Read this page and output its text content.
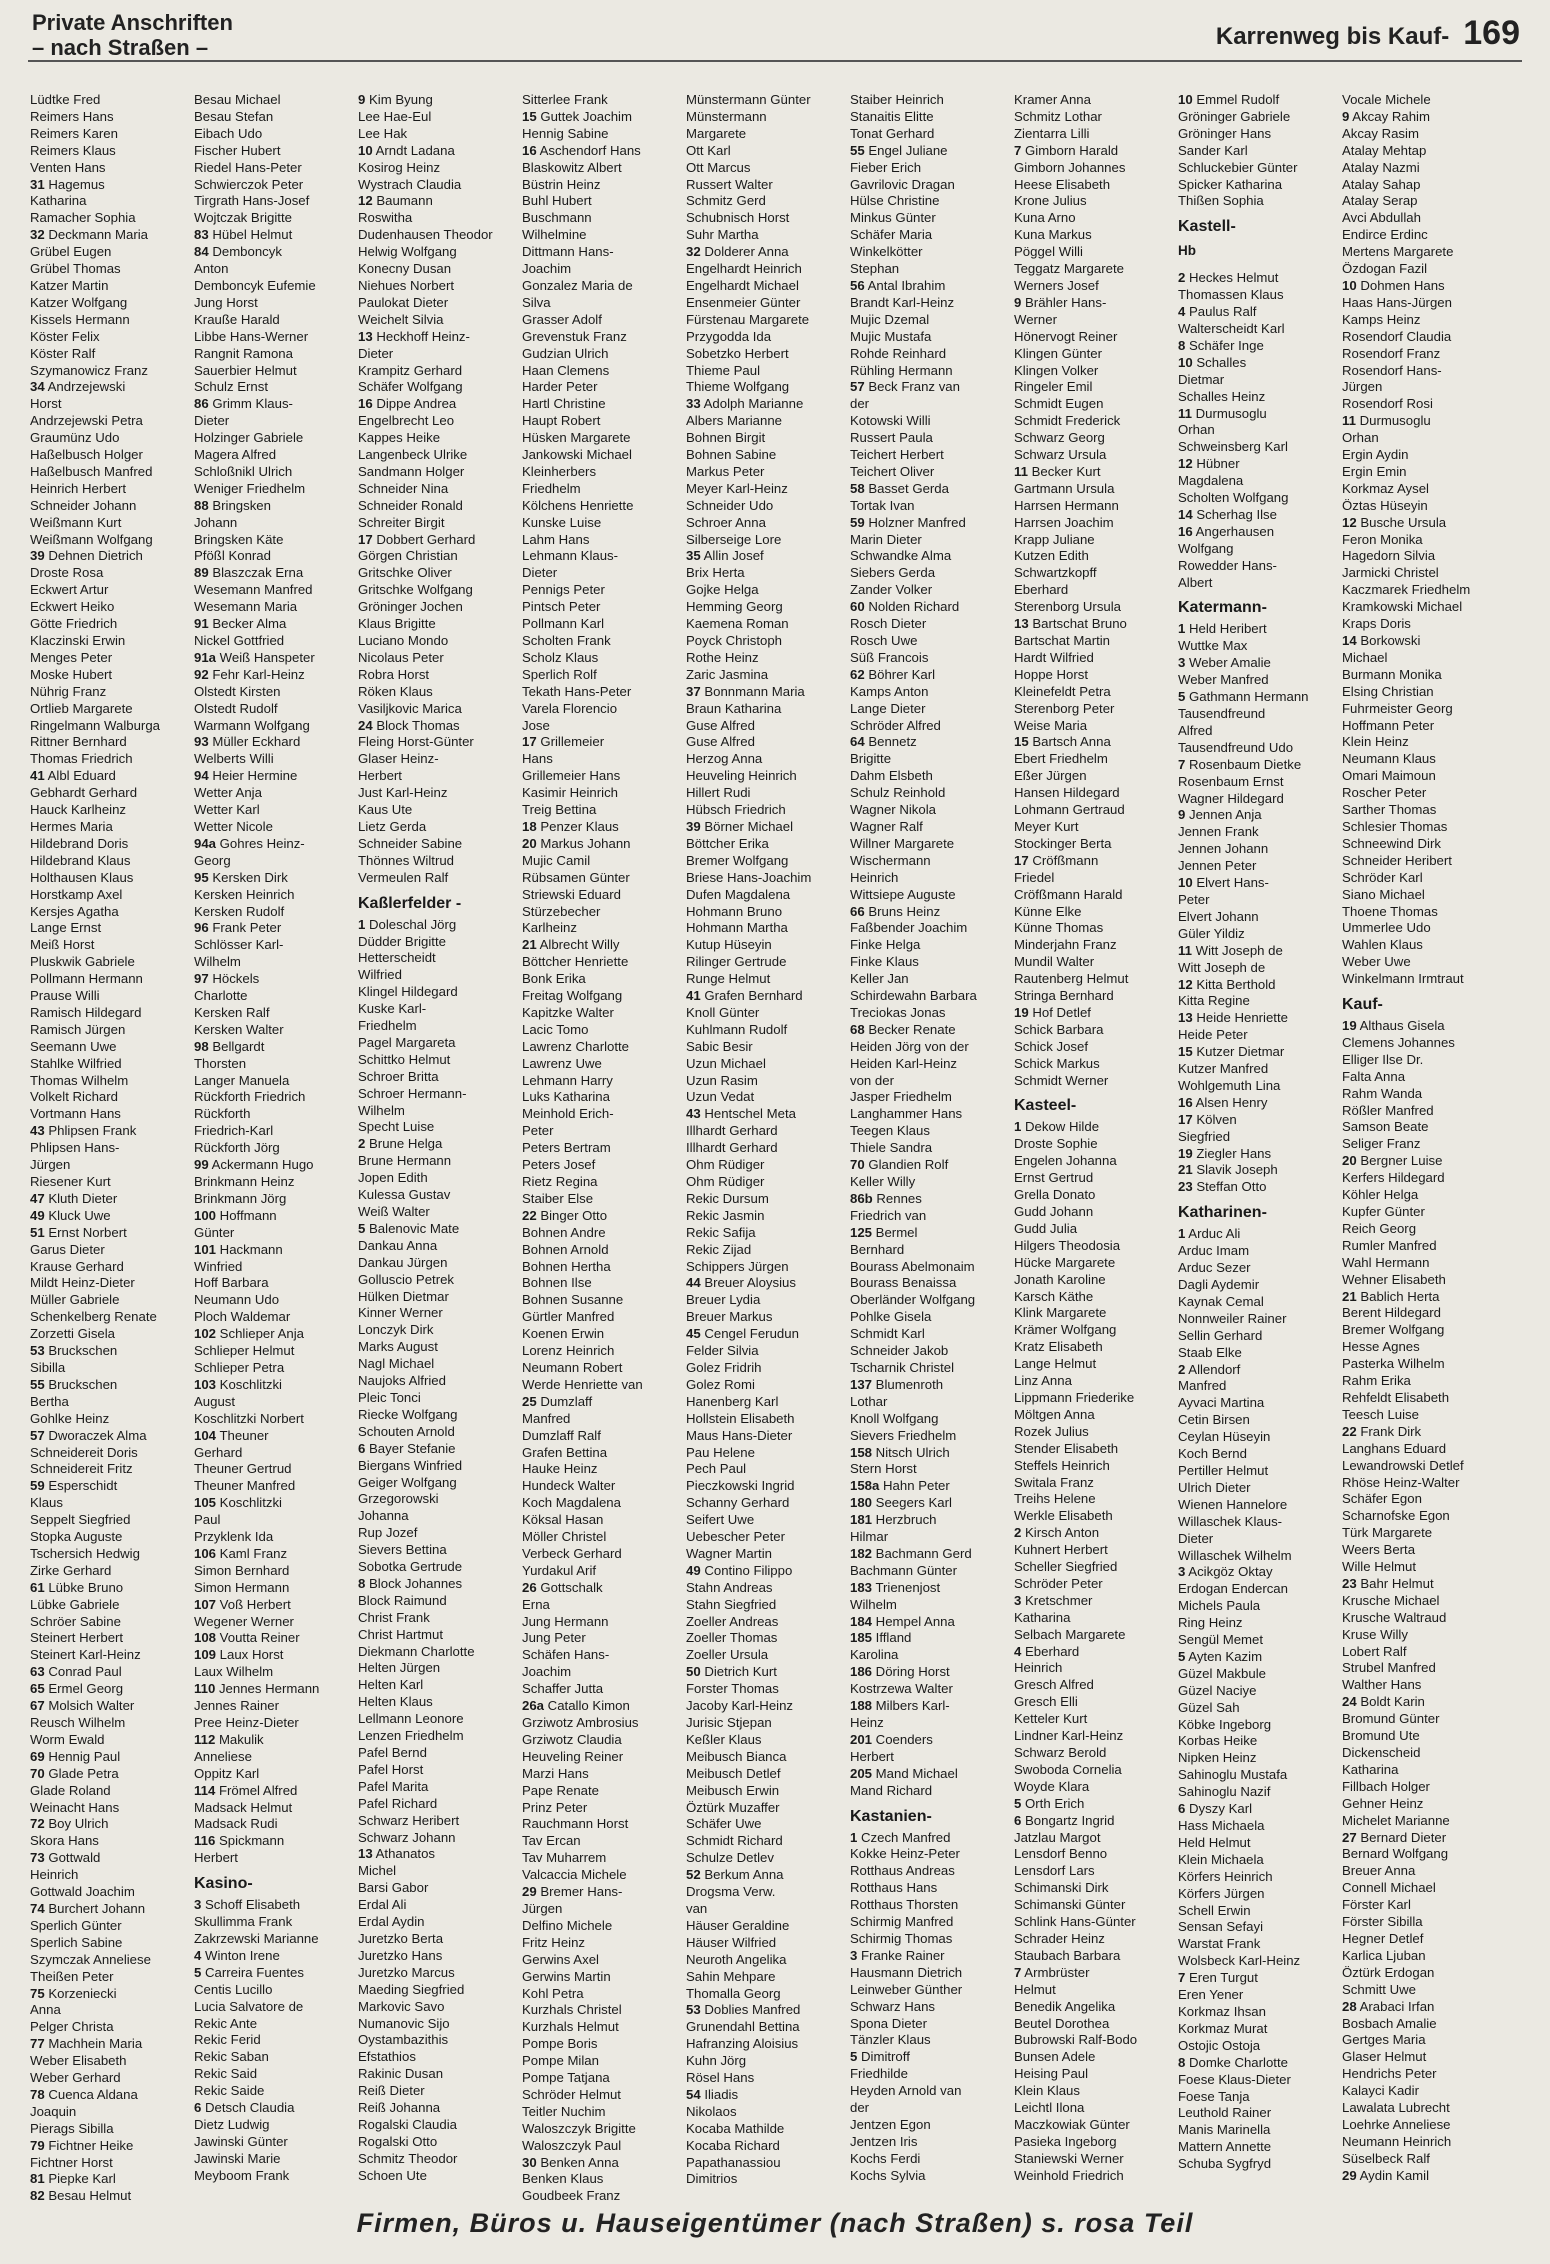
Private Anschriften
– nach Straßen –	Karrenweg bis Kauf- 169
Lüdtke Fred
Reimers Hans
Reimers Karen
Reimers Klaus
Venten Hans
31 Hagemus
Katharina
Ramacher Sophia
32 Deckmann Maria
Grübel Eugen
Grübel Thomas
Katzer Martin
Katzer Wolfgang
Kissels Hermann
Köster Felix
Köster Ralf
Szymanowicz Franz
34 Andrzejewski
Horst
Andrzejewski Petra
Graumünz Udo
Haßelbusch Holger
Haßelbusch Manfred
Heinrich Herbert
Schneider Johann
Weißmann Kurt
Weißmann Wolfgang
39 Dehnen Dietrich
Droste Rosa
Eckwert Artur
Eckwert Heiko
Götte Friedrich
Klaczinski Erwin
Menges Peter
Moske Hubert
Nührig Franz
Ortlieb Margarete
Ringelmann Walburga
Rittner Bernhard
Thomas Friedrich
41 Albl Eduard
Gebhardt Gerhard
Hauck Karlheinz
Hermes Maria
Hildebrand Doris
Hildebrand Klaus
Holthausen Klaus
Horstkamp Axel
Kersjes Agatha
Lange Ernst
Meiß Horst
Pluskwik Gabriele
Pollmann Hermann
Prause Willi
Ramisch Hildegard
Ramisch Jürgen
Seemann Uwe
Stahlke Wilfried
Thomas Wilhelm
Volkelt Richard
Vortmann Hans
43 Phlipsen Frank
Phlipsen Hans-
Jürgen
Riesener Kurt
47 Kluth Dieter
49 Kluck Uwe
51 Ernst Norbert
Garus Dieter
Krause Gerhard
Mildt Heinz-Dieter
Müller Gabriele
Schenkelberg Renate
Zorzetti Gisela
53 Bruckschen
Sibilla
55 Bruckschen
Bertha
Gohlke Heinz
57 Dworaczek Alma
Schneidereit Doris
Schneidereit Fritz
59 Esperschidt
Klaus
Seppelt Siegfried
Stopka Auguste
Tschersich Hedwig
Zirke Gerhard
61 Lübke Bruno
Lübke Gabriele
Schröer Sabine
Steinert Herbert
Steinert Karl-Heinz
63 Conrad Paul
65 Ermel Georg
67 Molsich Walter
Reusch Wilhelm
Worm Ewald
69 Hennig Paul
70 Glade Petra
Glade Roland
Weinacht Hans
72 Boy Ulrich
Skora Hans
73 Gottwald
Heinrich
Gottwald Joachim
74 Burchert Johann
Sperlich Günter
Sperlich Sabine
Szymczak Anneliese
Theißen Peter
75 Korzeniecki
Anna
Pelger Christa
77 Machhein Maria
Weber Elisabeth
Weber Gerhard
78 Cuenca Aldana
Joaquin
Pierags Sibilla
79 Fichtner Heike
Fichtner Horst
81 Piepke Karl
82 Besau Helmut
Besau Michael
Besau Stefan
Eibach Udo
Fischer Hubert
Riedel Hans-Peter
Schwierczok Peter
Tirgrath Hans-Josef
Wojtczak Brigitte
83 Hübel Helmut
84 Demboncyk
Anton
Demboncyk Eufemie
Jung Horst
Krauße Harald
Libbe Hans-Werner
Rangnit Ramona
Sauerbier Helmut
Schulz Ernst
86 Grimm Klaus-
Dieter
Holzinger Gabriele
Magera Alfred
Schloßnikl Ulrich
Weniger Friedhelm
88 Bringsken
Johann
Bringsken Käte
Pfößl Konrad
89 Blaszczak Erna
Wesemann Manfred
Wesemann Maria
91 Becker Alma
Nickel Gottfried
91a Weiß Hanspeter
92 Fehr Karl-Heinz
Olstedt Kirsten
Olstedt Rudolf
Warmann Wolfgang
93 Müller Eckhard
Welberts Willi
94 Heier Hermine
Wetter Anja
Wetter Karl
Wetter Nicole
94a Gohres Heinz-
Georg
95 Kersken Dirk
Kersken Heinrich
Kersken Rudolf
96 Frank Peter
Schlösser Karl-
Wilhelm
97 Höckels
Charlotte
Kersken Ralf
Kersken Walter
98 Bellgardt
Thorsten
Langer Manuela
Rückforth Friedrich
Rückforth
Friedrich-Karl
Rückforth Jörg
99 Ackermann Hugo
Brinkmann Heinz
Brinkmann Jörg
100 Hoffmann
Günter
101 Hackmann
Winfried
Hoff Barbara
Neumann Udo
Ploch Waldemar
102 Schlieper Anja
Schlieper Helmut
Schlieper Petra
103 Koschlitzki
August
Koschlitzki Norbert
104 Theuner
Gerhard
Theuner Gertrud
Theuner Manfred
105 Koschlitzki
Paul
Przyklenk Ida
106 Kaml Franz
Simon Bernhard
Simon Hermann
107 Voß Herbert
Wegener Werner
108 Voutta Reiner
109 Laux Horst
Laux Wilhelm
110 Jennes Hermann
Jennes Rainer
Pree Heinz-Dieter
112 Makulik
Anneliese
Oppitz Karl
114 Frömel Alfred
Madsack Helmut
Madsack Rudi
116 Spickmann
Herbert
Kasino-
3 Schoff Elisabeth
Skullimma Frank
Zakrzewski Marianne
4 Winton Irene
5 Carreira Fuentes
Centis Lucillo
Lucia Salvatore de
Rekic Ante
Rekic Ferid
Rekic Saban
Rekic Said
Rekic Saide
6 Detsch Claudia
Dietz Ludwig
Jawinski Günter
Jawinski Marie
Meyboom Frank
9 Kim Byung
Lee Hae-Eul
Lee Hak
10 Arndt Ladana
Kosirog Heinz
Wystrach Claudia
12 Baumann
Roswitha
Dudenhausen Theodor
Helwig Wolfgang
Konecny Dusan
Niehues Norbert
Paulokat Dieter
Weichelt Silvia
13 Heckhoff Heinz-
Dieter
Krampitz Gerhard
Schäfer Wolfgang
16 Dippe Andrea
Engelbrecht Leo
Kappes Heike
Langenbeck Ulrike
Sandmann Holger
Schneider Nina
Schneider Ronald
Schreiter Birgit
17 Dobbert Gerhard
Görgen Christian
Gritschke Oliver
Gritschke Wolfgang
Gröninger Jochen
Klaus Brigitte
Luciano Mondo
Nicolaus Peter
Robra Horst
Röken Klaus
Vasiljkovic Marica
24 Block Thomas
Fleing Horst-Günter
Glaser Heinz-
Herbert
Just Karl-Heinz
Kaus Ute
Lietz Gerda
Schneider Sabine
Thönnes Wiltrud
Vermeulen Ralf
Kaßlerfelder -
1 Doleschal Jörg
Düdder Brigitte
Hetterscheidt
Wilfried
Klingel Hildegard
Kuske Karl-
Friedhelm
Pagel Margareta
Schittko Helmut
Schroer Britta
Schroer Hermann-
Wilhelm
Specht Luise
2 Brune Helga
Brune Hermann
Jopen Edith
Kulessa Gustav
Weiß Walter
5 Balenovic Mate
Dankau Anna
Dankau Jürgen
Golluscio Petrek
Hülken Dietmar
Kinner Werner
Lonczyk Dirk
Marks August
Nagl Michael
Naujoks Alfried
Pleic Tonci
Riecke Wolfgang
Schouten Arnold
6 Bayer Stefanie
Biergans Winfried
Geiger Wolfgang
Grzegorowski
Johanna
Rup Jozef
Sievers Bettina
Sobotka Gertrude
8 Block Johannes
Block Raimund
Christ Frank
Christ Hartmut
Diekmann Charlotte
Helten Jürgen
Helten Karl
Helten Klaus
Lellmann Leonore
Lenzen Friedhelm
Pafel Bernd
Pafel Horst
Pafel Marita
Pafel Richard
Schwarz Heribert
Schwarz Johann
13 Athanatos
Michel
Barsi Gabor
Erdal Ali
Erdal Aydin
Juretzko Berta
Juretzko Hans
Juretzko Marcus
Maeding Siegfried
Markovic Savo
Numanovic Sijo
Oystambazithis
Efstathios
Rakinic Dusan
Reiß Dieter
Reiß Johanna
Rogalski Claudia
Rogalski Otto
Schmitz Theodor
Schoen Ute
Sitterlee Frank
15 Guttek Joachim
Hennig Sabine
16 Aschendorf Hans
Blaskowitz Albert
Büstrin Heinz
Buhl Hubert
Buschmann
Wilhelmine
Dittmann Hans-
Joachim
Gonzalez Maria de
Silva
Grasser Adolf
Grevenstuk Franz
Gudzian Ulrich
Haan Clemens
Harder Peter
Hartl Christine
Haupt Robert
Hüsken Margarete
Jankowski Michael
Kleinherbers
Friedhelm
Kölchens Henriette
Kunske Luise
Lahm Hans
Lehmann Klaus-
Dieter
Pennigs Peter
Pintsch Peter
Pollmann Karl
Scholten Frank
Scholz Klaus
Sperlich Rolf
Tekath Hans-Peter
Varela Florencio
Jose
17 Grillemeier
Hans
Grillemeier Hans
Kasimir Heinrich
Treig Bettina
18 Penzer Klaus
20 Markus Johann
Mujic Camil
Rübsamen Günter
Striewski Eduard
Stürzebecher
Karlheinz
21 Albrecht Willy
Böttcher Henriette
Bonk Erika
Freitag Wolfgang
Kapitzke Walter
Lacic Tomo
Lawrenz Charlotte
Lawrenz Uwe
Lehmann Harry
Luks Katharina
Meinhold Erich-
Peter
Peters Bertram
Peters Josef
Rietz Regina
Staiber Else
22 Binger Otto
Bohnen Andre
Bohnen Arnold
Bohnen Hertha
Bohnen Ilse
Bohnen Susanne
Gürtler Manfred
Koenen Erwin
Lorenz Heinrich
Neumann Robert
Werde Henriette van
25 Dumzlaff
Manfred
Dumzlaff Ralf
Grafen Bettina
Hauke Heinz
Hundeck Walter
Koch Magdalena
Köksal Hasan
Möller Christel
Verbeck Gerhard
Yurdakul Arif
26 Gottschalk
Erna
Jung Hermann
Jung Peter
Schäfen Hans-
Joachim
Schaffer Jutta
26a Catallo Kimon
Grziwotz Ambrosius
Grziwotz Claudia
Heuveling Reiner
Marzi Hans
Pape Renate
Prinz Peter
Rauchmann Horst
Tav Ercan
Tav Muharrem
Valcaccia Michele
29 Bremer Hans-
Jürgen
Delfino Michele
Fritz Heinz
Gerwins Axel
Gerwins Martin
Kohl Petra
Kurzhals Christel
Kurzhals Helmut
Pompe Boris
Pompe Milan
Pompe Tatjana
Schröder Helmut
Teitler Nuchim
Waloszczyk Brigitte
Waloszczyk Paul
30 Benken Anna
Benken Klaus
Goudbeek Franz
Münstermann Günter
Münstermann
Margarete
Ott Karl
Ott Marcus
Russert Walter
Schmitz Gerd
Schubnisch Horst
Suhr Martha
32 Dolderer Anna
Engelhardt Heinrich
Engelhardt Michael
Ensenmeier Günter
Fürstenau Margarete
Przygodda Ida
Sobetzko Herbert
Thieme Paul
Thieme Wolfgang
33 Adolph Marianne
Albers Marianne
Bohnen Birgit
Bohnen Sabine
Markus Peter
Meyer Karl-Heinz
Schneider Udo
Schroer Anna
Silberseige Lore
35 Allin Josef
Brix Herta
Gojke Helga
Hemming Georg
Kaemena Roman
Poyck Christoph
Rothe Heinz
Zaric Jasmina
37 Bonnmann Maria
Braun Katharina
Guse Alfred
Guse Alfred
Herzog Anna
Heuveling Heinrich
Hillert Rudi
Hübsch Friedrich
39 Börner Michael
Böttcher Erika
Bremer Wolfgang
Briese Hans-Joachim
Dufen Magdalena
Hohmann Bruno
Hohmann Martha
Kutup Hüseyin
Rilinger Gertrude
Runge Helmut
41 Grafen Bernhard
Knoll Günter
Kuhlmann Rudolf
Sabic Besir
Uzun Michael
Uzun Rasim
Uzun Vedat
43 Hentschel Meta
Illhardt Gerhard
Illhardt Gerhard
Ohm Rüdiger
Ohm Rüdiger
Rekic Dursum
Rekic Jasmin
Rekic Safija
Rekic Zijad
Schippers Jürgen
44 Breuer Aloysius
Breuer Lydia
Breuer Markus
45 Cengel Ferudun
Felder Silvia
Golez Fridrih
Golez Romi
Hanenberg Karl
Hollstein Elisabeth
Maus Hans-Dieter
Pau Helene
Pech Paul
Pieczkowski Ingrid
Schanny Gerhard
Seifert Uwe
Uebescher Peter
Wagner Martin
49 Contino Filippo
Stahn Andreas
Stahn Siegfried
Zoeller Andreas
Zoeller Thomas
Zoeller Ursula
50 Dietrich Kurt
Forster Thomas
Jacoby Karl-Heinz
Jurisic Stjepan
Keßler Klaus
Meibusch Bianca
Meibusch Detlef
Meibusch Erwin
Öztürk Muzaffer
Schäfer Uwe
Schmidt Richard
Schulze Detlev
52 Berkum Anna
Drogsma Verw.
van
Häuser Geraldine
Häuser Wilfried
Neuroth Angelika
Sahin Mehpare
Thomalla Georg
53 Doblies Manfred
Grunendahl Bettina
Hafranzing Aloisius
Kuhn Jörg
Rösel Hans
54 Iliadis
Nikolaos
Kocaba Mathilde
Kocaba Richard
Papathanassiou
Dimitrios
Staiber Heinrich
Stanaitis Elitte
Tonat Gerhard
55 Engel Juliane
Fieber Erich
Gavrilovic Dragan
Hülse Christine
Minkus Günter
Schäfer Maria
Winkelkötter
Stephan
56 Antal Ibrahim
Brandt Karl-Heinz
Mujic Dzemal
Mujic Mustafa
Rohde Reinhard
Rühling Hermann
57 Beck Franz van
der
Kotowski Willi
Russert Paula
Teichert Herbert
Teichert Oliver
58 Basset Gerda
Tortak Ivan
59 Holzner Manfred
Marin Dieter
Schwandke Alma
Siebers Gerda
Zander Volker
60 Nolden Richard
Rosch Dieter
Rosch Uwe
Süß Francois
62 Böhrer Karl
Kamps Anton
Lange Dieter
Schröder Alfred
64 Bennetz
Brigitte
Dahm Elsbeth
Schulz Reinhold
Wagner Nikola
Wagner Ralf
Willner Margarete
Wischermann
Heinrich
Wittsiepe Auguste
66 Bruns Heinz
Faßbender Joachim
Finke Helga
Finke Klaus
Keller Jan
Schirdewahn Barbara
Treciokas Jonas
68 Becker Renate
Heiden Jörg von der
Heiden Karl-Heinz
von der
Jasper Friedhelm
Langhammer Hans
Teegen Klaus
Thiele Sandra
70 Glandien Rolf
Keller Willy
86b Rennes
Friedrich van
125 Bermel
Bernhard
Bourass Abelmonaim
Bourass Benaissa
Oberländer Wolfgang
Pohlke Gisela
Schmidt Karl
Schneider Jakob
Tscharnik Christel
137 Blumenroth
Lothar
Knoll Wolfgang
Sievers Friedhelm
158 Nitsch Ulrich
Stern Horst
158a Hahn Peter
180 Seegers Karl
181 Herzbruch
Hilmar
182 Bachmann Gerd
Bachmann Günter
183 Trienenjost
Wilhelm
184 Hempel Anna
185 Iffland
Karolina
186 Döring Horst
Kostrzewa Walter
188 Milbers Karl-
Heinz
201 Coenders
Herbert
205 Mand Michael
Mand Richard
Kastanien-
1 Czech Manfred
Kokke Heinz-Peter
Rotthaus Andreas
Rotthaus Hans
Rotthaus Thorsten
Schirmig Manfred
Schirmig Thomas
3 Franke Rainer
Hausmann Dietrich
Leinweber Günther
Schwarz Hans
Spona Dieter
Tänzler Klaus
5 Dimitroff
Friedhilde
Heyden Arnold van
der
Jentzen Egon
Jentzen Iris
Kochs Ferdi
Kochs Sylvia
Kramer Anna
Schmitz Lothar
Zientarra Lilli
7 Gimborn Harald
Gimborn Johannes
Heese Elisabeth
Krone Julius
Kuna Arno
Kuna Markus
Pöggel Willi
Teggatz Margarete
Werners Josef
9 Brähler Hans-
Werner
Hönervogt Reiner
Klingen Günter
Klingen Volker
Ringeler Emil
Schmidt Eugen
Schmidt Frederick
Schwarz Georg
Schwarz Ursula
11 Becker Kurt
Gartmann Ursula
Harrsen Hermann
Harrsen Joachim
Krapp Juliane
Kutzen Edith
Schwartzkopff
Eberhard
Sterenborg Ursula
13 Bartschat Bruno
Bartschat Martin
Hardt Wilfried
Hoppe Horst
Kleinefeldt Petra
Sterenborg Peter
Weise Maria
15 Bartsch Anna
Ebert Friedhelm
Eßer Jürgen
Hansen Hildegard
Lohmann Gertraud
Meyer Kurt
Stockinger Berta
17 Cröfßmann
Friedel
Cröfßmann Harald
Künne Elke
Künne Thomas
Minderjahn Franz
Mundil Walter
Rautenberg Helmut
Stringa Bernhard
19 Hof Detlef
Schick Barbara
Schick Josef
Schick Markus
Schmidt Werner
Kasteel-
1 Dekow Hilde
Droste Sophie
Engelen Johanna
Ernst Gertrud
Grella Donato
Gudd Johann
Gudd Julia
Hilgers Theodosia
Hücke Margarete
Jonath Karoline
Karsch Käthe
Klink Margarete
Krämer Wolfgang
Kratz Elisabeth
Lange Helmut
Linz Anna
Lippmann Friederike
Möltgen Anna
Rozek Julius
Stender Elisabeth
Steffels Heinrich
Switala Franz
Treihs Helene
Werkle Elisabeth
2 Kirsch Anton
Kuhnert Herbert
Scheller Siegfried
Schröder Peter
3 Kretschmer
Katharina
Selbach Margarete
4 Eberhard
Heinrich
Gresch Alfred
Gresch Elli
Ketteler Kurt
Lindner Karl-Heinz
Schwarz Berold
Swoboda Cornelia
Woyde Klara
5 Orth Erich
6 Bongartz Ingrid
Jatzlau Margot
Lensdorf Benno
Lensdorf Lars
Schimanski Dirk
Schimanski Günter
Schlink Hans-Günter
Schrader Heinz
Staubach Barbara
7 Armbrüster
Helmut
Benedik Angelika
Beutel Dorothea
Bubrowski Ralf-Bodo
Bunsen Adele
Heising Paul
Klein Klaus
Leichtl Ilona
Maczkowiak Günter
Pasieka Ingeborg
Staniewski Werner
Weinhold Friedrich
10 Emmel Rudolf
Gröninger Gabriele
Gröninger Hans
Sander Karl
Schluckebier Günter
Spicker Katharina
Thißen Sophia
Kastell-
Hb
2 Heckes Helmut
Thomassen Klaus
4 Paulus Ralf
Walterscheidt Karl
8 Schäfer Inge
10 Schalles
Dietmar
Schalles Heinz
11 Durmusoglu
Orhan
Schweinsberg Karl
12 Hübner
Magdalena
Scholten Wolfgang
14 Scherhag Ilse
16 Angerhausen
Wolfgang
Rowedder Hans-
Albert
Katermann-
1 Held Heribert
Wuttke Max
3 Weber Amalie
Weber Manfred
5 Gathmann Hermann
Tausendfreund
Alfred
Tausendfreund Udo
7 Rosenbaum Dietke
Rosenbaum Ernst
Wagner Hildegard
9 Jennen Anja
Jennen Frank
Jennen Johann
Jennen Peter
10 Elvert Hans-
Peter
Elvert Johann
Güler Yildiz
11 Witt Joseph de
Witt Joseph de
12 Kitta Berthold
Kitta Regine
13 Heide Henriette
Heide Peter
15 Kutzer Dietmar
Kutzer Manfred
Wohlgemuth Lina
16 Alsen Henry
17 Kölven
Siegfried
19 Ziegler Hans
21 Slavik Joseph
23 Steffan Otto
Katharinen-
1 Arduc Ali
Arduc Imam
Arduc Sezer
Dagli Aydemir
Kaynak Cemal
Nonnweiler Rainer
Sellin Gerhard
Staab Elke
2 Allendorf
Manfred
Ayvaci Martina
Cetin Birsen
Ceylan Hüseyin
Koch Bernd
Pertiller Helmut
Ulrich Dieter
Wienen Hannelore
Willaschek Klaus-
Dieter
Willaschek Wilhelm
3 Acikgöz Oktay
Erdogan Endercan
Michels Paula
Ring Heinz
Sengül Memet
5 Ayten Kazim
Güzel Makbule
Güzel Naciye
Güzel Sah
Köbke Ingeborg
Korbas Heike
Nipken Heinz
Sahinoglu Mustafa
Sahinoglu Nazif
6 Dyszy Karl
Hass Michaela
Held Helmut
Klein Michaela
Körfers Heinrich
Körfers Jürgen
Schell Erwin
Sensan Sefayi
Warstat Frank
Wolsbeck Karl-Heinz
7 Eren Turgut
Eren Yener
Korkmaz Ihsan
Korkmaz Murat
Ostojic Ostoja
8 Domke Charlotte
Foese Klaus-Dieter
Foese Tanja
Leuthold Rainer
Manis Marinella
Mattern Annette
Schuba Sygfryd
Vocale Michele
9 Akcay Rahim
Akcay Rasim
Atalay Mehtap
Atalay Nazmi
Atalay Sahap
Atalay Serap
Avci Abdullah
Endirce Erdinc
Mertens Margarete
Özdogan Fazil
10 Dohmen Hans
Haas Hans-Jürgen
Kamps Heinz
Rosendorf Claudia
Rosendorf Franz
Rosendorf Hans-
Jürgen
Rosendorf Rosi
11 Durmusoglu
Orhan
Ergin Aydin
Ergin Emin
Korkmaz Aysel
Öztas Hüseyin
12 Busche Ursula
Feron Monika
Hagedorn Silvia
Jarmicki Christel
Kaczmarek Friedhelm
Kramkowski Michael
Kraps Doris
14 Borkowski
Michael
Burmann Monika
Elsing Christian
Fuhrmeister Georg
Hoffmann Peter
Klein Heinz
Neumann Klaus
Omari Maimoun
Roscher Peter
Sarther Thomas
Schlesier Thomas
Schneewind Dirk
Schneider Heribert
Schröder Karl
Siano Michael
Thoene Thomas
Ummerlee Udo
Wahlen Klaus
Weber Uwe
Winkelmann Irmtraut
Kauf-
19 Althaus Gisela
Clemens Johannes
Elliger Ilse Dr.
Falta Anna
Rahm Wanda
Rößler Manfred
Samson Beate
Seliger Franz
20 Bergner Luise
Kerfers Hildegard
Köhler Helga
Kupfer Günter
Reich Georg
Rumler Manfred
Wahl Hermann
Wehner Elisabeth
21 Bablich Herta
Berent Hildegard
Bremer Wolfgang
Hesse Agnes
Pasterka Wilhelm
Rahm Erika
Rehfeldt Elisabeth
Teesch Luise
22 Frank Dirk
Langhans Eduard
Lewandrowski Detlef
Rhöse Heinz-Walter
Schäfer Egon
Scharnofske Egon
Türk Margarete
Weers Berta
Wille Helmut
23 Bahr Helmut
Krusche Michael
Krusche Waltraud
Kruse Willy
Lobert Ralf
Strubel Manfred
Walther Hans
24 Boldt Karin
Bromund Günter
Bromund Ute
Dickenscheid
Katharina
Fillbach Holger
Gehner Heinz
Michelet Marianne
27 Bernard Dieter
Bernard Wolfgang
Breuer Anna
Connell Michael
Förster Karl
Förster Sibilla
Hegner Detlef
Karlica Ljuban
Öztürk Erdogan
Schmitt Uwe
28 Arabaci Irfan
Bosbach Amalie
Gertges Maria
Glaser Helmut
Hendrichs Peter
Kalayci Kadir
Lawalata Lubrecht
Loehrke Anneliese
Neumann Heinrich
Süselbeck Ralf
29 Aydin Kamil
Firmen, Büros u. Hauseigentümer (nach Straßen) s. rosa Teil
